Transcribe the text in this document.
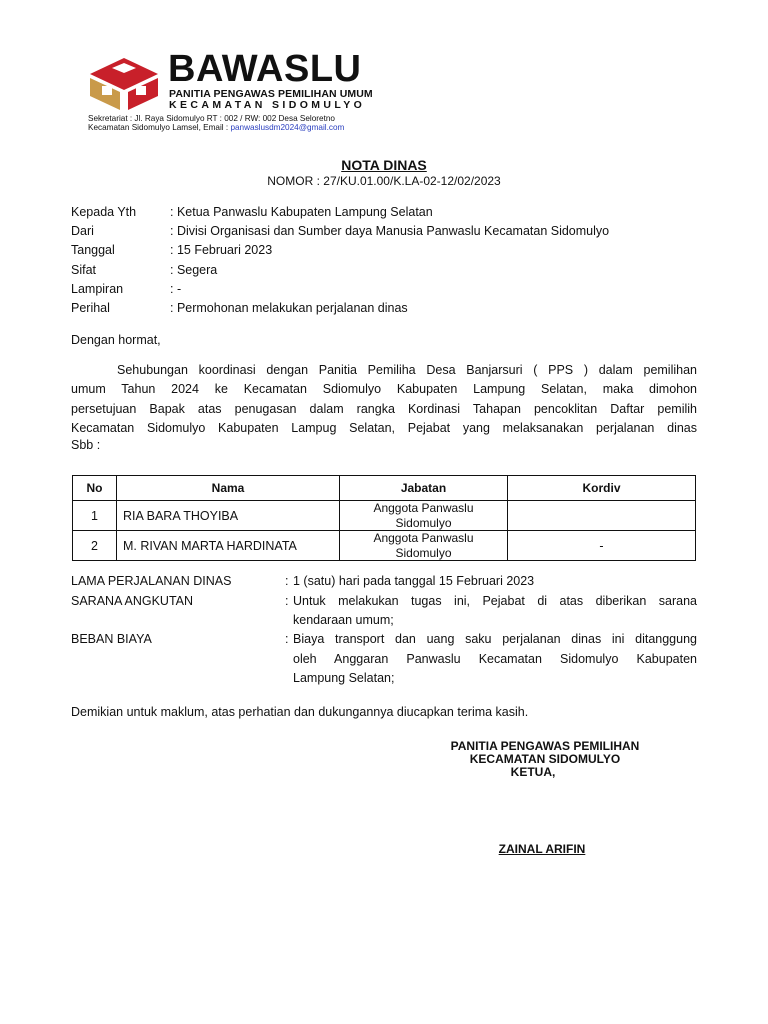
BAWASLU
PANITIA PENGAWAS PEMILIHAN UMUM
KECAMATAN SIDOMULYO
Sekretariat : Jl. Raya Sidomulyo RT : 002 / RW: 002 Desa Seloretno
Kecamatan Sidomulyo Lamsel, Email : panwaslusdm2024@gmail.com
NOTA DINAS
NOMOR : 27/KU.01.00/K.LA-02-12/02/2023
Kepada Yth	: Ketua Panwaslu Kabupaten Lampung Selatan
Dari	: Divisi Organisasi dan Sumber daya Manusia Panwaslu Kecamatan Sidomulyo
Tanggal	: 15 Februari 2023
Sifat	: Segera
Lampiran	: -
Perihal	: Permohonan melakukan perjalanan dinas
Dengan hormat,
Sehubungan koordinasi dengan Panitia Pemiliha Desa Banjarsuri ( PPS ) dalam pemilihan
umum Tahun 2024 ke Kecamatan Sdiomulyo Kabupaten Lampung Selatan, maka dimohon
persetujuan Bapak atas penugasan dalam rangka Kordinasi Tahapan pencoklitan Daftar pemilih
Kecamatan Sidomulyo Kabupaten Lampug Selatan, Pejabat yang melaksanakan perjalanan dinas
Sbb :
No	Nama	Jabatan	Kordiv
1	RIA BARA THOYIBA	Anggota Panwaslu
Sidomulyo	
2	M. RIVAN MARTA HARDINATA	Anggota Panwaslu
Sidomulyo	-
LAMA PERJALANAN DINAS	: 1 (satu) hari pada tanggal 15 Februari 2023
SARANA ANGKUTAN	: Untuk melakukan tugas ini, Pejabat di atas diberikan sarana
kendaraan umum;
BEBAN BIAYA	: Biaya transport dan uang saku perjalanan dinas ini ditanggung
oleh Anggaran Panwaslu Kecamatan Sidomulyo Kabupaten
Lampung Selatan;
Demikian untuk maklum, atas perhatian dan dukungannya diucapkan terima kasih.
PANITIA PENGAWAS PEMILIHAN
KECAMATAN SIDOMULYO
KETUA,
ZAINAL ARIFIN
